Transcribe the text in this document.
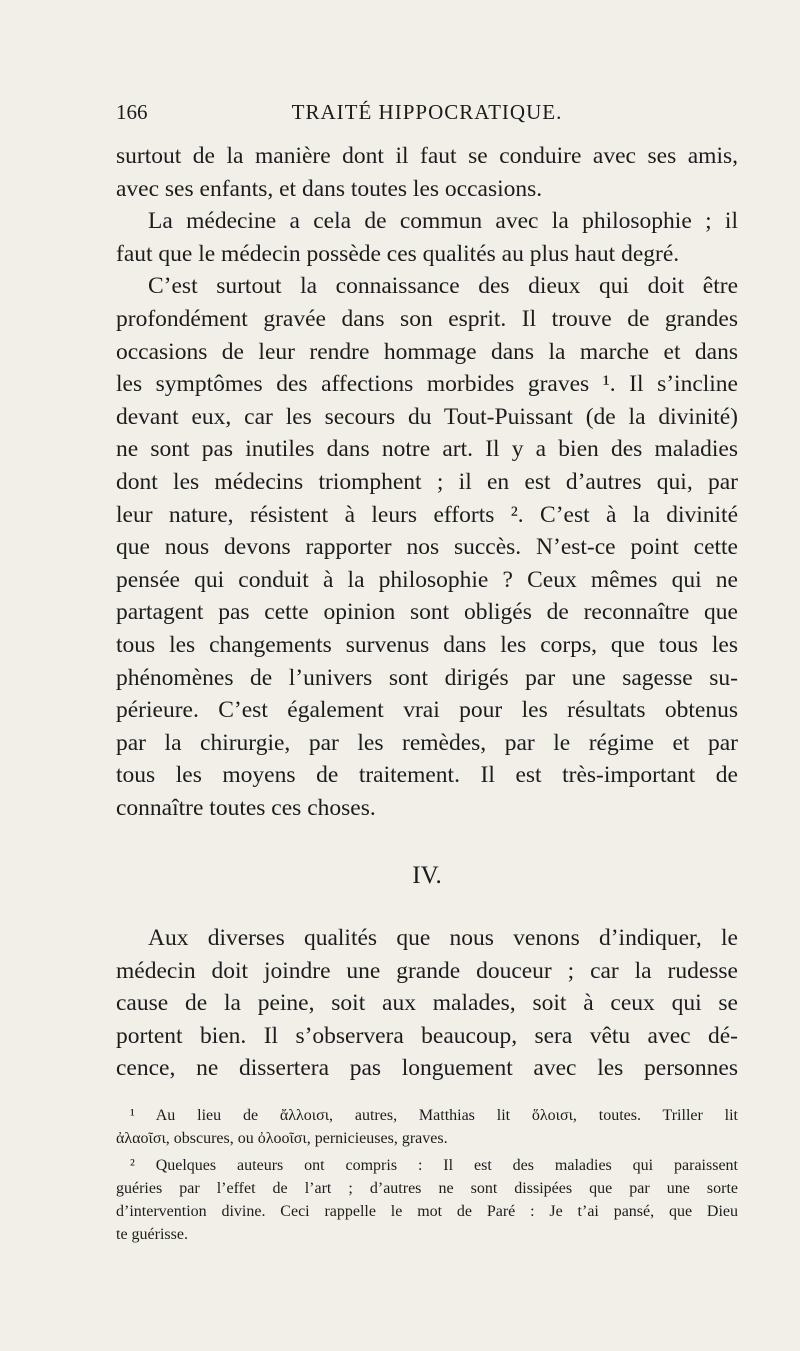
166	TRAITÉ HIPPOCRATIQUE.
surtout de la manière dont il faut se conduire avec ses amis,
avec ses enfants, et dans toutes les occasions.
La médecine a cela de commun avec la philosophie ; il
faut que le médecin possède ces qualités au plus haut degré.
C’est surtout la connaissance des dieux qui doit être
profondément gravée dans son esprit. Il trouve de grandes
occasions de leur rendre hommage dans la marche et dans
les symptômes des affections morbides graves ¹. Il s’incline
devant eux, car les secours du Tout-Puissant (de la divinité)
ne sont pas inutiles dans notre art. Il y a bien des maladies
dont les médecins triomphent ; il en est d’autres qui, par
leur nature, résistent à leurs efforts ². C’est à la divinité
que nous devons rapporter nos succès. N’est-ce point cette
pensée qui conduit à la philosophie ? Ceux mêmes qui ne
partagent pas cette opinion sont obligés de reconnaître que
tous les changements survenus dans les corps, que tous les
phénomènes de l’univers sont dirigés par une sagesse su-
périeure. C’est également vrai pour les résultats obtenus
par la chirurgie, par les remèdes, par le régime et par
tous les moyens de traitement. Il est très-important de
connaître toutes ces choses.
IV.
Aux diverses qualités que nous venons d’indiquer, le
médecin doit joindre une grande douceur ; car la rudesse
cause de la peine, soit aux malades, soit à ceux qui se
portent bien. Il s’observera beaucoup, sera vêtu avec dé-
cence, ne dissertera pas longuement avec les personnes
¹ Au lieu de ἄλλοισι, autres, Matthias lit ὅλοισι, toutes. Triller lit
ἀλαοῖσι, obscures, ou ὀλοοῖσι, pernicieuses, graves.
² Quelques auteurs ont compris : Il est des maladies qui paraissent
guéries par l’effet de l’art ; d’autres ne sont dissipées que par une sorte
d’intervention divine. Ceci rappelle le mot de Paré : Je t’ai pansé, que Dieu
te guérisse.
